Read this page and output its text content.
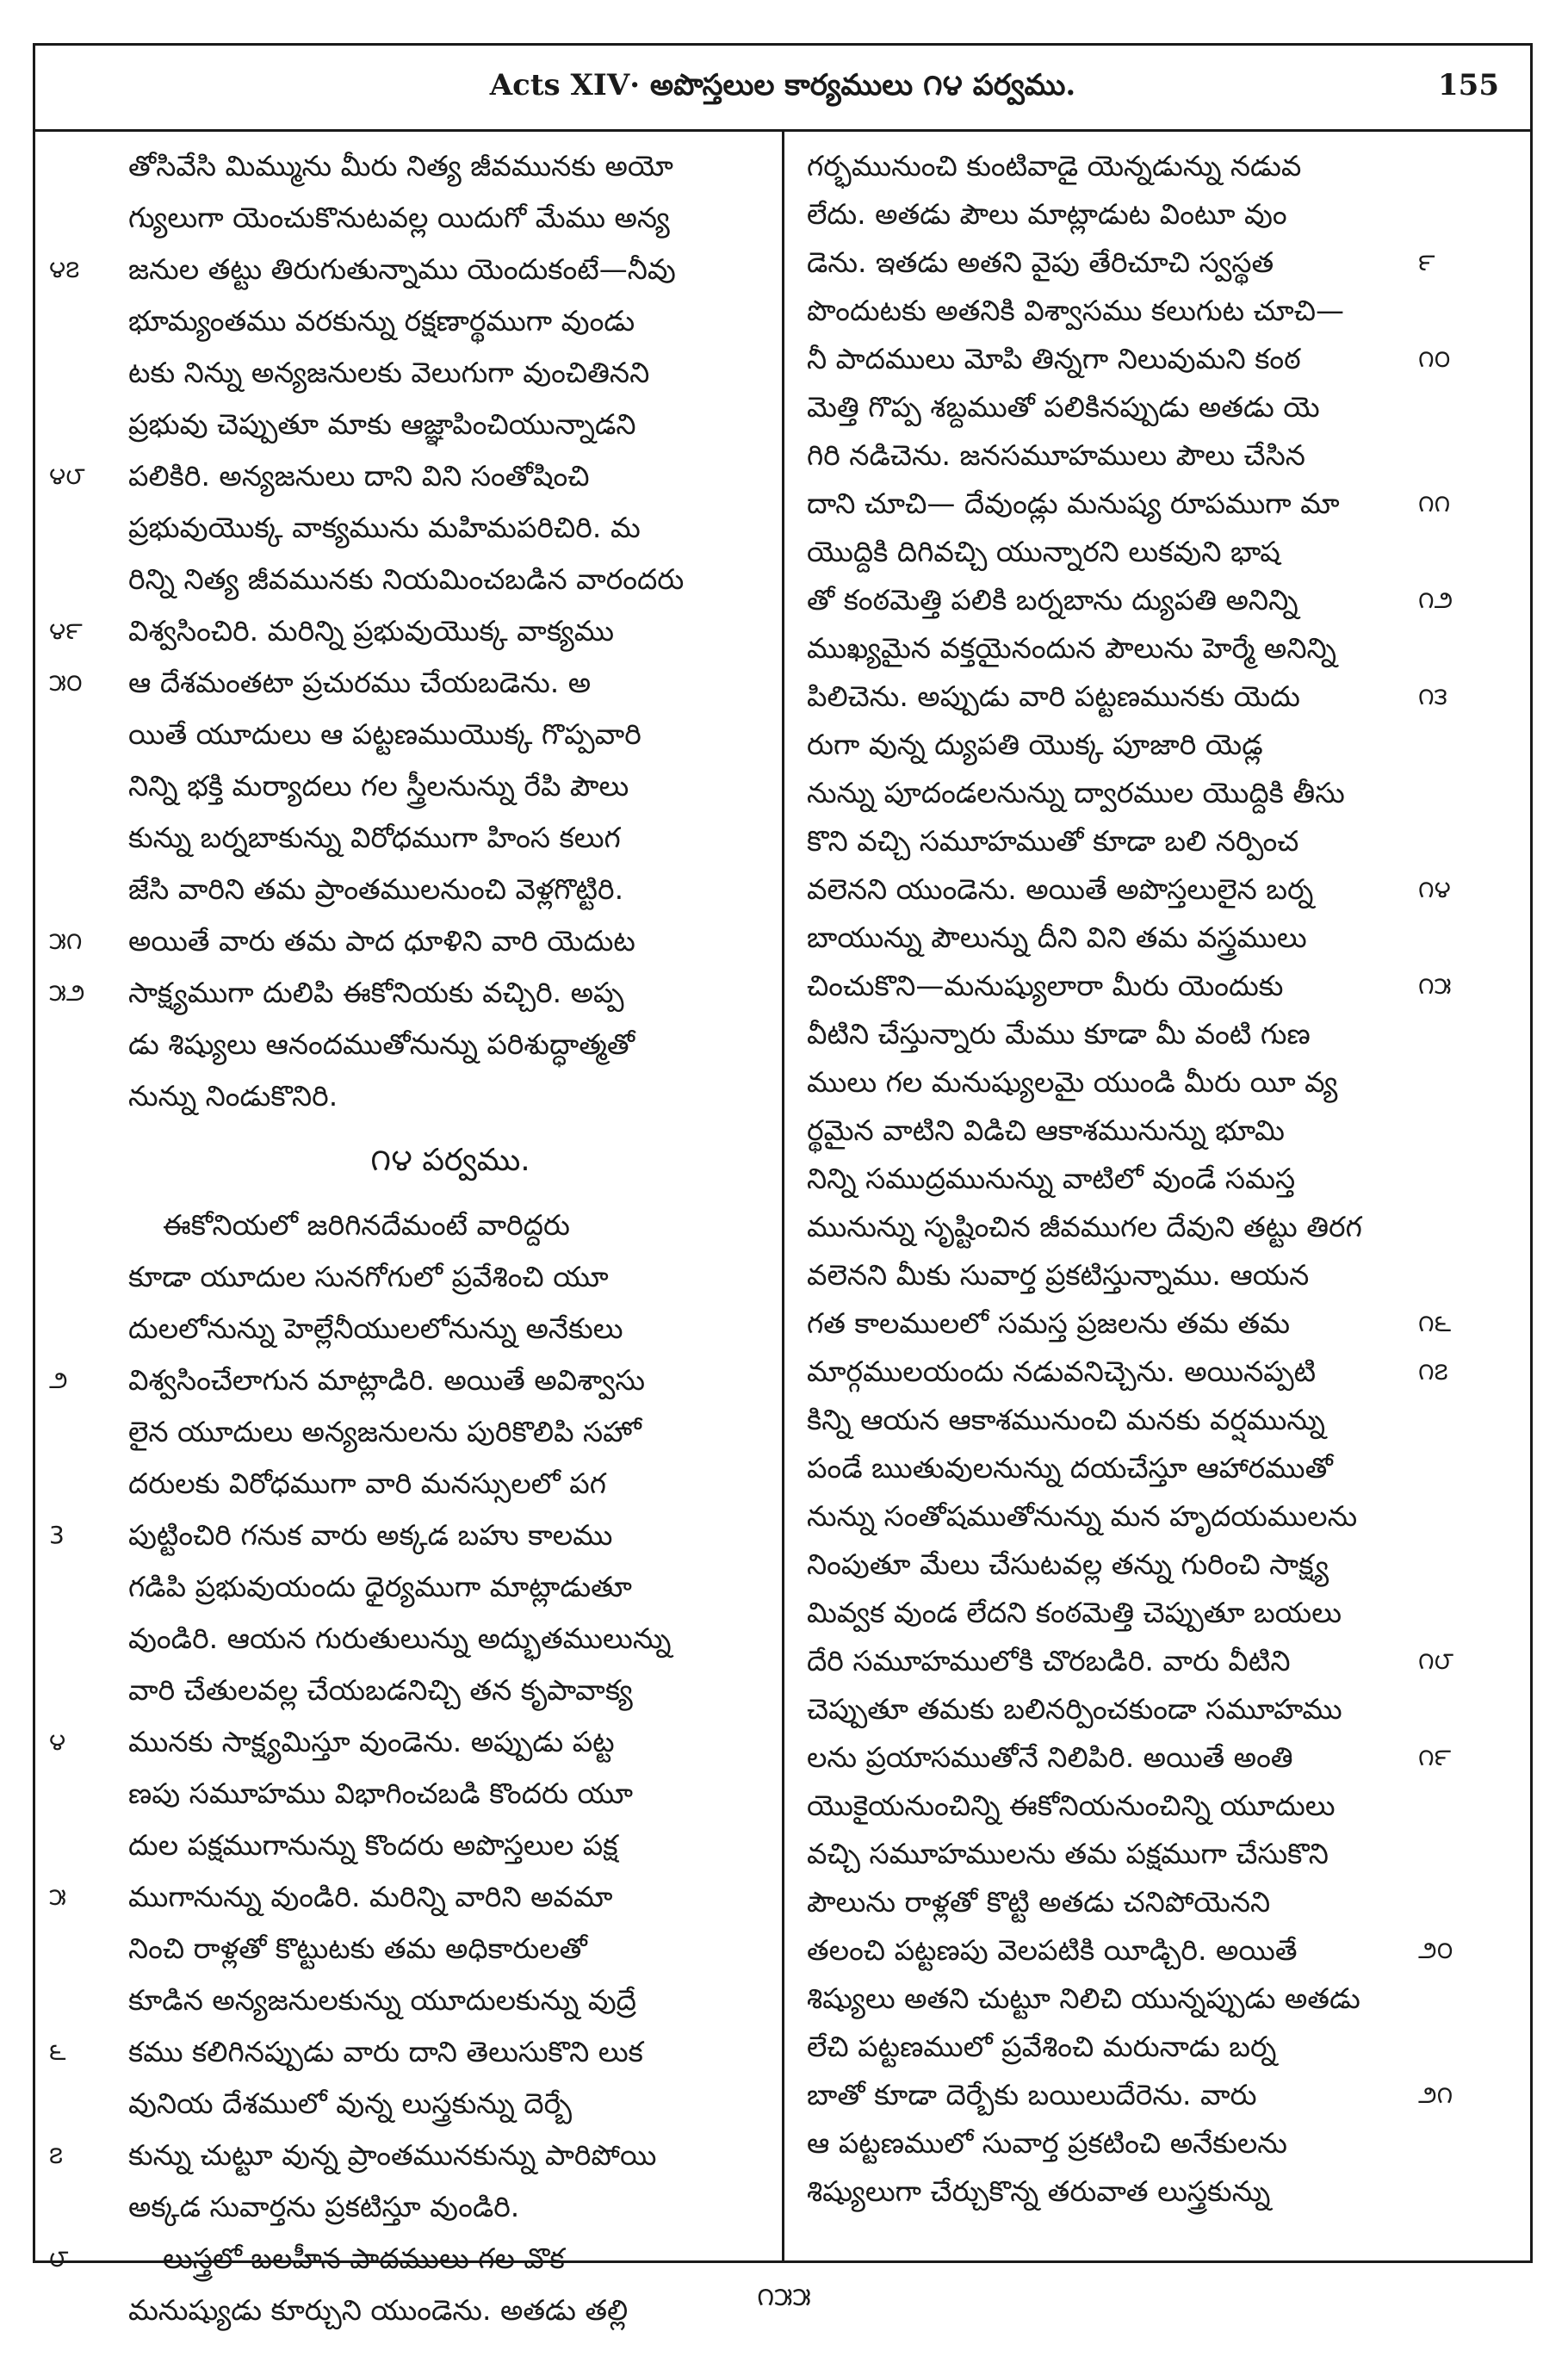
Acts XIV· అపొస్తలుల కార్యములు ౧౪ పర్వము.	155
తోసివేసి మిమ్మును మీరు నిత్య జీవమునకు అయో
గ్యులుగా యెంచుకొనుటవల్ల యిదుగో మేము అన్య
౪౭	జనుల తట్టు తిరుగుతున్నాము యెందుకంటే—నీవు
భూమ్యంతము వరకున్ను రక్షణార్థముగా వుండు
టకు నిన్ను అన్యజనులకు వెలుగుగా వుంచితినని
ప్రభువు చెప్పుతూ మాకు ఆజ్ఞాపించియున్నాడని
౪౮	పలికిరి. అన్యజనులు దాని విని సంతోషించి
ప్రభువుయొక్క వాక్యమును మహిమపరిచిరి. మ
రిన్ని నిత్య జీవమునకు నియమించబడిన వారందరు
౪౯	విశ్వసించిరి. మరిన్ని ప్రభువుయొక్క వాక్యము
౫౦	ఆ దేశమంతటా ప్రచురము చేయబడెను. అ
యితే యూదులు ఆ పట్టణముయొక్క గొప్పవారి
నిన్ని భక్తి మర్యాదలు గల స్త్రీలనున్ను రేపి పౌలు
కున్ను బర్నబాకున్ను విరోధముగా హింస కలుగ
జేసి వారిని తమ ప్రాంతములనుంచి వెళ్లగొట్టిరి.
౫౧	అయితే వారు తమ పాద ధూళిని వారి యెదుట
౫౨	సాక్ష్యముగా దులిపి ఈకోనియకు వచ్చిరి. అప్ప
డు శిష్యులు ఆనందముతోనున్ను పరిశుద్ధాత్మతో
నున్ను నిండుకొనిరి.
౧౪ పర్వము.
ఈకోనియలో జరిగినదేమంటే వారిద్దరు
కూడా యూదుల సునగోగులో ప్రవేశించి యూ
దులలోనున్ను హెల్లేనీయులలోనున్ను అనేకులు
౨	విశ్వసించేలాగున మాట్లాడిరి. అయితే అవిశ్వాసు
లైన యూదులు అన్యజనులను పురికొలిపి సహో
దరులకు విరోధముగా వారి మనస్సులలో పగ
3	పుట్టించిరి గనుక వారు అక్కడ బహు కాలము
గడిపి ప్రభువుయందు ధైర్యముగా మాట్లాడుతూ
వుండిరి. ఆయన గురుతులున్ను అద్భుతములున్ను
వారి చేతులవల్ల చేయబడనిచ్చి తన కృపావాక్య
౪	మునకు సాక్ష్యమిస్తూ వుండెను. అప్పుడు పట్ట
ణపు సమూహము విభాగించబడి కొందరు యూ
దుల పక్షముగానున్ను కొందరు అపొస్తలుల పక్ష
౫	ముగానున్ను వుండిరి. మరిన్ని వారిని అవమా
నించి రాళ్లతో కొట్టుటకు తమ అధికారులతో
కూడిన అన్యజనులకున్ను యూదులకున్ను వుద్రే
౬	కము కలిగినప్పుడు వారు దాని తెలుసుకొని లుక
వునియ దేశములో వున్న లుస్త్రకున్ను దెర్బే
౭	కున్ను చుట్టూ వున్న ప్రాంతమునకున్ను పారిపోయి
అక్కడ సువార్తను ప్రకటిస్తూ వుండిరి.
౮	లుస్త్రలో బలహీన పాదములు గల వొక
మనుష్యుడు కూర్చుని యుండెను. అతడు తల్లి
గర్భమునుంచి కుంటివాడై యెన్నడున్ను నడువ
లేదు. అతడు పౌలు మాట్లాడుట వింటూ వుం
డెను. ఇతడు అతని వైపు తేరిచూచి స్వస్థత	౯
పొందుటకు అతనికి విశ్వాసము కలుగుట చూచి—
నీ పాదములు మోపి తిన్నగా నిలువుమని కంఠ	౧౦
మెత్తి గొప్ప శబ్దముతో పలికినప్పుడు అతడు యె
గిరి నడిచెను. జనసమూహములు పౌలు చేసిన
దాని చూచి— దేవుండ్లు మనుష్య రూపముగా మా	౧౧
యొద్దికి దిగివచ్చి యున్నారని లుకవుని భాష
తో కంఠమెత్తి పలికి బర్నబాను ద్యుపతి అనిన్ని	౧౨
ముఖ్యమైన వక్తయైనందున పౌలును హెర్మే అనిన్ని
పిలిచెను. అప్పుడు వారి పట్టణమునకు యెదు	౧౩
రుగా వున్న ద్యుపతి యొక్క పూజారి యెడ్ల
నున్ను పూదండలనున్ను ద్వారముల యొద్దికి తీసు
కొని వచ్చి సమూహముతో కూడా బలి నర్పించ
వలెనని యుండెను. అయితే అపొస్తలులైన బర్న	౧౪
బాయున్ను పౌలున్ను దీని విని తమ వస్త్రములు
చించుకొని—మనుష్యులారా మీరు యెందుకు	౧౫
వీటిని చేస్తున్నారు మేము కూడా మీ వంటి గుణ
ములు గల మనుష్యులమై యుండి మీరు యీ వ్య
ర్థమైన వాటిని విడిచి ఆకాశమునున్ను భూమి
నిన్ని సముద్రమునున్ను వాటిలో వుండే సమస్త
మునున్ను సృష్టించిన జీవముగల దేవుని తట్టు తిరగ
వలెనని మీకు సువార్త ప్రకటిస్తున్నాము. ఆయన
గత కాలములలో సమస్త ప్రజలను తమ తమ	౧౬
మార్గములయందు నడువనిచ్చెను. అయినప్పటి	౧౭
కిన్ని ఆయన ఆకాశమునుంచి మనకు వర్షమున్ను
పండే ఋతువులనున్ను దయచేస్తూ ఆహారముతో
నున్ను సంతోషముతోనున్ను మన హృదయములను
నింపుతూ మేలు చేసుటవల్ల తన్ను గురించి సాక్ష్య
మివ్వక వుండ లేదని కంఠమెత్తి చెప్పుతూ బయలు
దేరి సమూహములోకి చొరబడిరి. వారు వీటిని	౧౮
చెప్పుతూ తమకు బలినర్పించకుండా సమూహము
లను ప్రయాసముతోనే నిలిపిరి. అయితే అంతి	౧౯
యొకైయనుంచిన్ని ఈకోనియనుంచిన్ని యూదులు
వచ్చి సమూహములను తమ పక్షముగా చేసుకొని
పౌలును రాళ్లతో కొట్టి అతడు చనిపోయెనని
తలంచి పట్టణపు వెలపటికి యీడ్చిరి. అయితే	౨౦
శిష్యులు అతని చుట్టూ నిలిచి యున్నప్పుడు అతడు
లేచి పట్టణములో ప్రవేశించి మరునాడు బర్న
బాతో కూడా దెర్బేకు బయిలుదేరెను. వారు	౨౧
ఆ పట్టణములో సువార్త ప్రకటించి అనేకులను
శిష్యులుగా చేర్చుకొన్న తరువాత లుస్త్రకున్ను
౧౫౫
